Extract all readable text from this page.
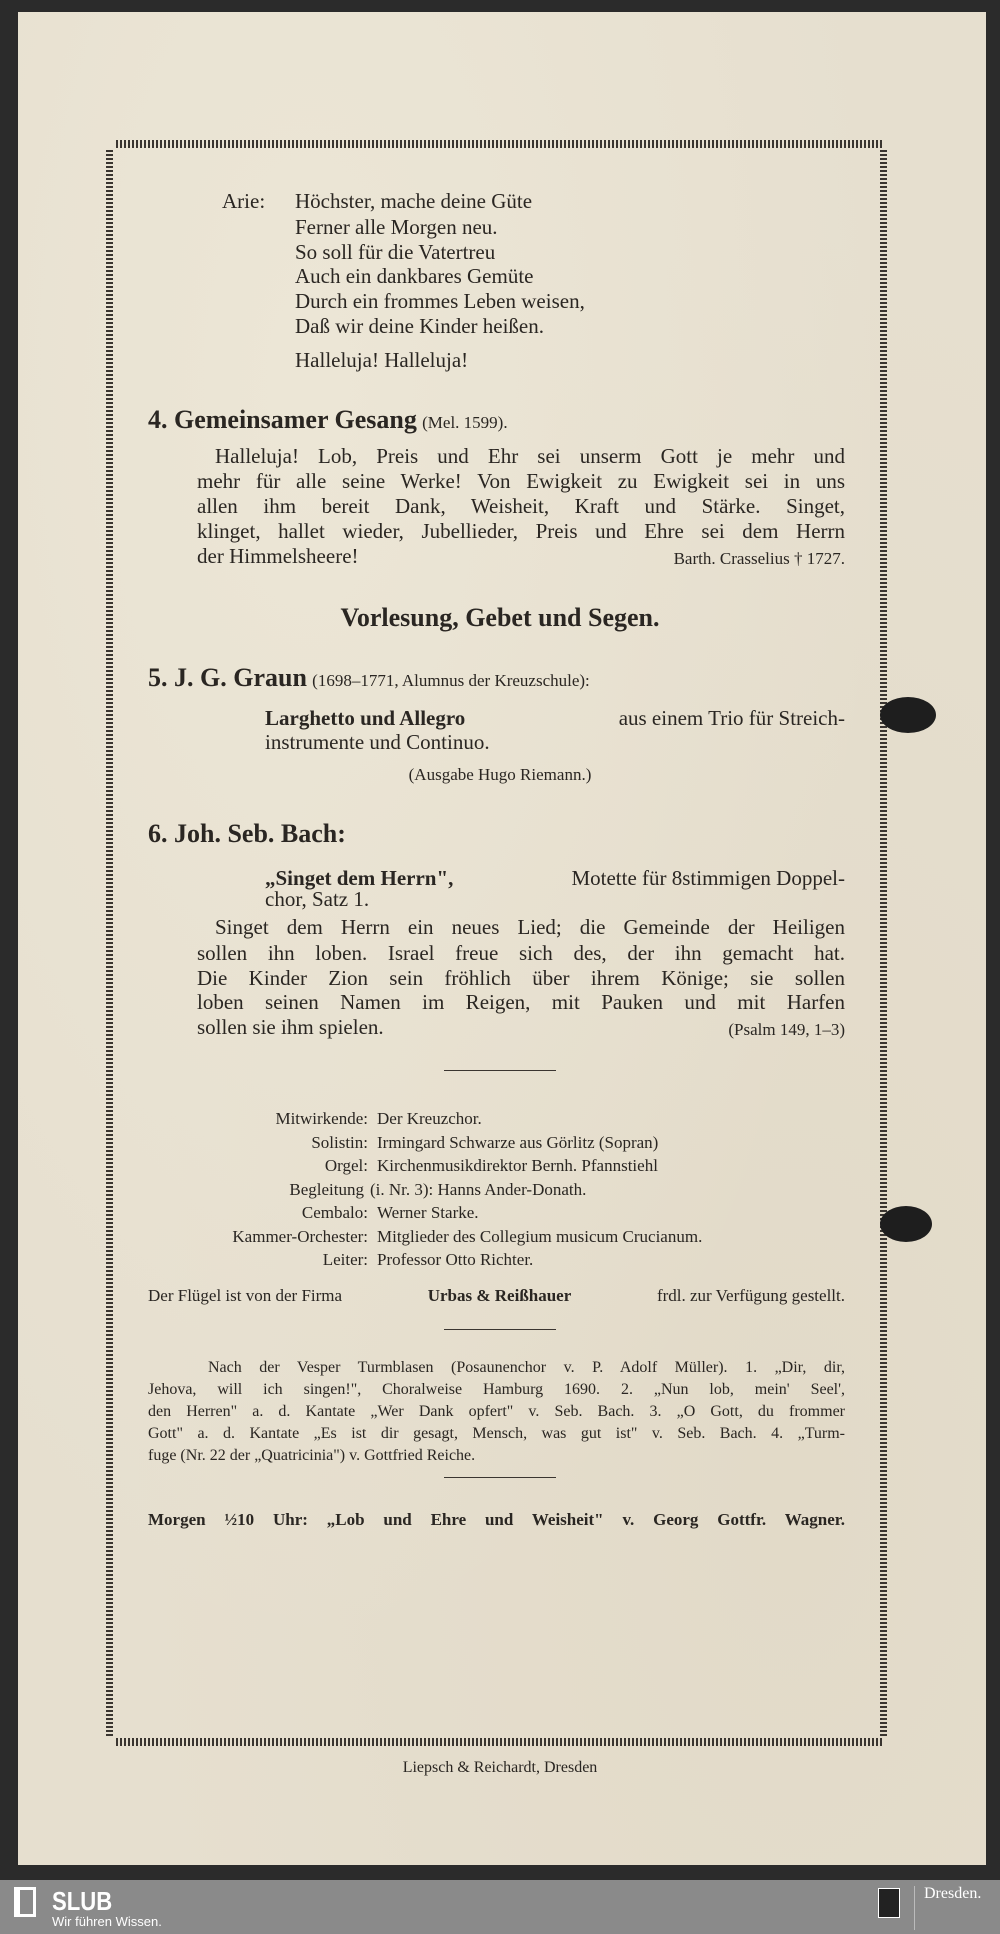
Arie: Höchster, mache deine Güte
Ferner alle Morgen neu.
So soll für die Vatertreu
Auch ein dankbares Gemüte
Durch ein frommes Leben weisen,
Daß wir deine Kinder heißen.
Halleluja! Halleluja!
4. Gemeinsamer Gesang (Mel. 1599).
Halleluja! Lob, Preis und Ehr sei unserm Gott je mehr und
mehr für alle seine Werke! Von Ewigkeit zu Ewigkeit sei in uns
allen ihm bereit Dank, Weisheit, Kraft und Stärke. Singet,
klinget, hallet wieder, Jubellieder, Preis und Ehre sei dem Herrn
der Himmelsheere!	Barth. Crasselius † 1727.
Vorlesung, Gebet und Segen.
5. J. G. Graun (1698–1771, Alumnus der Kreuzschule):
Larghetto und Allegro	aus einem Trio für Streich-
instrumente und Continuo.
(Ausgabe Hugo Riemann.)
6. Joh. Seb. Bach:
„Singet dem Herrn",	Motette für 8stimmigen Doppel-
chor, Satz 1.
Singet dem Herrn ein neues Lied; die Gemeinde der Heiligen
sollen ihn loben. Israel freue sich des, der ihn gemacht hat.
Die Kinder Zion sein fröhlich über ihrem Könige; sie sollen
loben seinen Namen im Reigen, mit Pauken und mit Harfen
sollen sie ihm spielen.	(Psalm 149, 1–3)
Mitwirkende: Der Kreuzchor.
Solistin: Irmingard Schwarze aus Görlitz (Sopran)
Orgel: Kirchenmusikdirektor Bernh. Pfannstiehl
Begleitung (i. Nr. 3): Hanns Ander-Donath.
Cembalo: Werner Starke.
Kammer-Orchester: Mitglieder des Collegium musicum Crucianum.
Leiter: Professor Otto Richter.
Der Flügel ist von der Firma	Urbas & Reißhauer	frdl. zur Verfügung gestellt.
Nach der Vesper Turmblasen (Posaunenchor v. P. Adolf Müller). 1. „Dir, dir,
Jehova, will ich singen!", Choralweise Hamburg 1690. 2. „Nun lob, mein' Seel',
den Herren" a. d. Kantate „Wer Dank opfert" v. Seb. Bach. 3. „O Gott, du frommer
Gott" a. d. Kantate „Es ist dir gesagt, Mensch, was gut ist" v. Seb. Bach. 4. „Turm-
fuge (Nr. 22 der „Quatricinia") v. Gottfried Reiche.
Morgen ½10 Uhr: „Lob und Ehre und Weisheit" v. Georg Gottfr. Wagner.
Liepsch & Reichardt, Dresden
SLUB
Wir führen Wissen.
Dresden.
